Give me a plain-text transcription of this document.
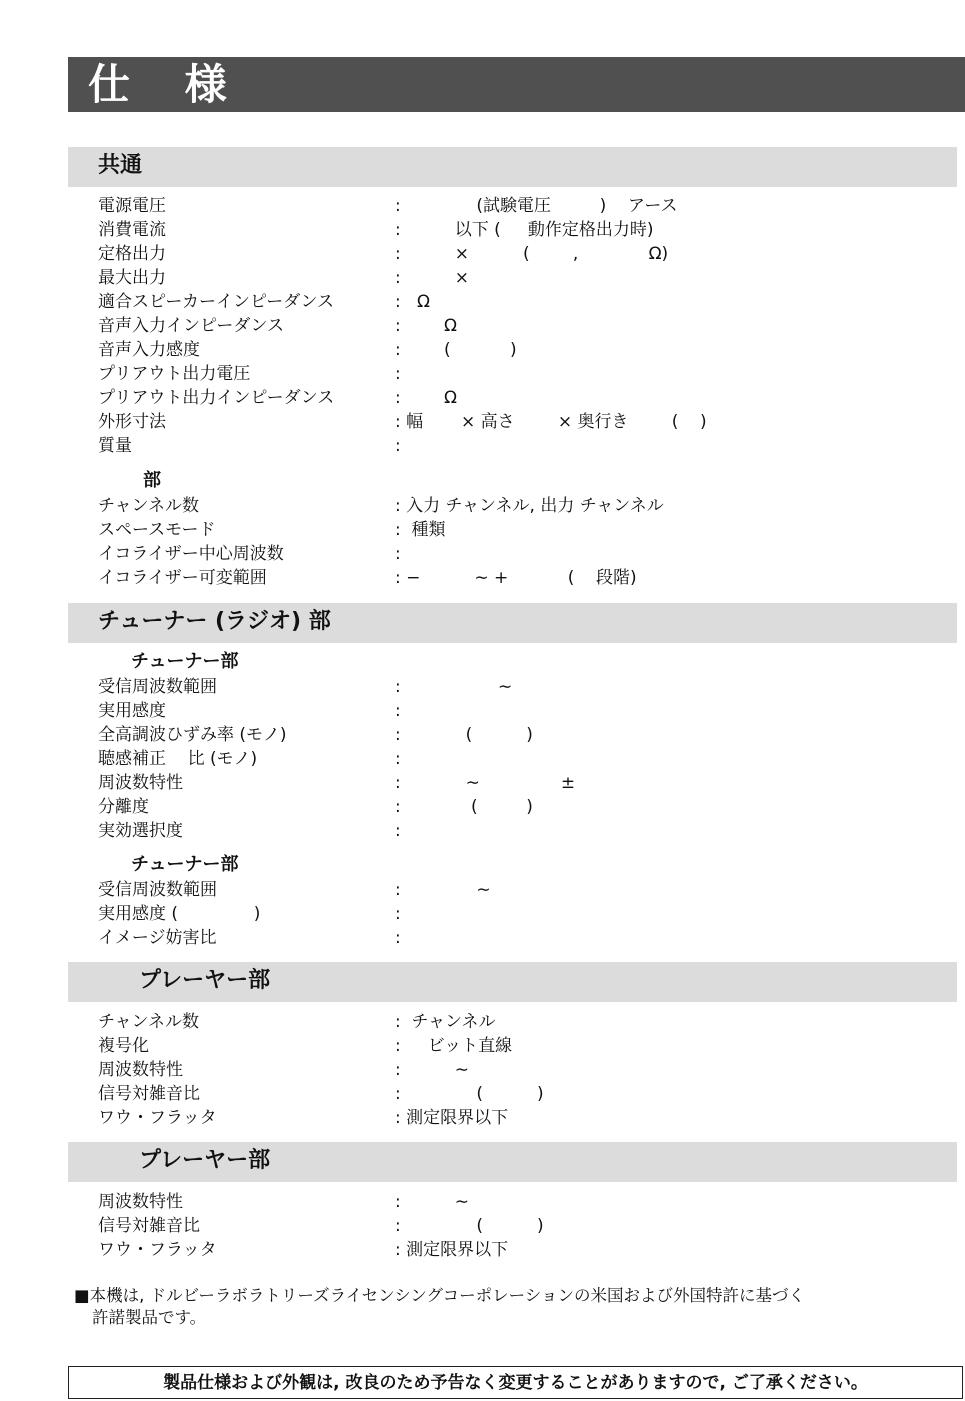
仕 様
共通
電源電圧	:              (試験電圧         )    アース
消費電流	:          以下 (     動作定格出力時)
定格出力	:          ×          (        ,             Ω)
最大出力	:          ×
適合スピーカーインピーダンス	:   Ω
音声入力インピーダンス	:        Ω
音声入力感度	:        (           )
プリアウト出力電圧	:
プリアウト出力インピーダンス	:        Ω
外形寸法	: 幅       × 高さ        × 奥行き        (    )
質量	:
部
チャンネル数	: 入力 チャンネル, 出力 チャンネル
スペースモード	:  種類
イコライザー中心周波数	:
イコライザー可変範囲	: −          ∼ +           (    段階)
チューナー (ラジオ) 部
チューナー部
受信周波数範囲	:                  ∼
実用感度	:
全高調波ひずみ率 (モノ)	:            (          )
聴感補正    比 (モノ)	:
周波数特性	:            ∼               ±
分離度	:             (         )
実効選択度	:
チューナー部
受信周波数範囲	:              ∼
実用感度 (              )	:
イメージ妨害比	:
プレーヤー部
チャンネル数	:  チャンネル
複号化	:     ビット直線
周波数特性	:          ∼
信号対雑音比	:              (          )
ワウ・フラッタ	: 測定限界以下
プレーヤー部
周波数特性	:          ∼
信号対雑音比	:              (          )
ワウ・フラッタ	: 測定限界以下
■本機は, ドルビーラボラトリーズライセンシングコーポレーションの米国および外国特許に基づく
許諾製品です。
製品仕様および外観は, 改良のため予告なく変更することがありますので, ご了承ください。
